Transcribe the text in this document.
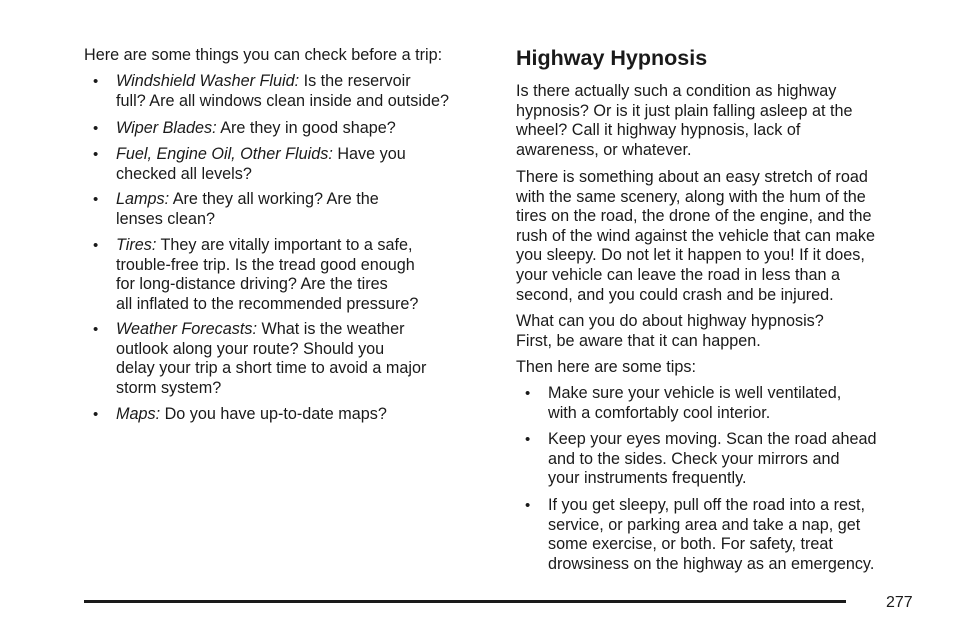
Here are some things you can check before a trip:
• Windshield Washer Fluid: Is the reservoir
full? Are all windows clean inside and outside?
• Wiper Blades: Are they in good shape?
• Fuel, Engine Oil, Other Fluids: Have you
checked all levels?
• Lamps: Are they all working? Are the
lenses clean?
• Tires: They are vitally important to a safe,
trouble-free trip. Is the tread good enough
for long-distance driving? Are the tires
all inflated to the recommended pressure?
• Weather Forecasts: What is the weather
outlook along your route? Should you
delay your trip a short time to avoid a major
storm system?
• Maps: Do you have up-to-date maps?
Highway Hypnosis
Is there actually such a condition as highway
hypnosis? Or is it just plain falling asleep at the
wheel? Call it highway hypnosis, lack of
awareness, or whatever.
There is something about an easy stretch of road
with the same scenery, along with the hum of the
tires on the road, the drone of the engine, and the
rush of the wind against the vehicle that can make
you sleepy. Do not let it happen to you! If it does,
your vehicle can leave the road in less than a
second, and you could crash and be injured.
What can you do about highway hypnosis?
First, be aware that it can happen.
Then here are some tips:
• Make sure your vehicle is well ventilated,
with a comfortably cool interior.
• Keep your eyes moving. Scan the road ahead
and to the sides. Check your mirrors and
your instruments frequently.
• If you get sleepy, pull off the road into a rest,
service, or parking area and take a nap, get
some exercise, or both. For safety, treat
drowsiness on the highway as an emergency.
277
